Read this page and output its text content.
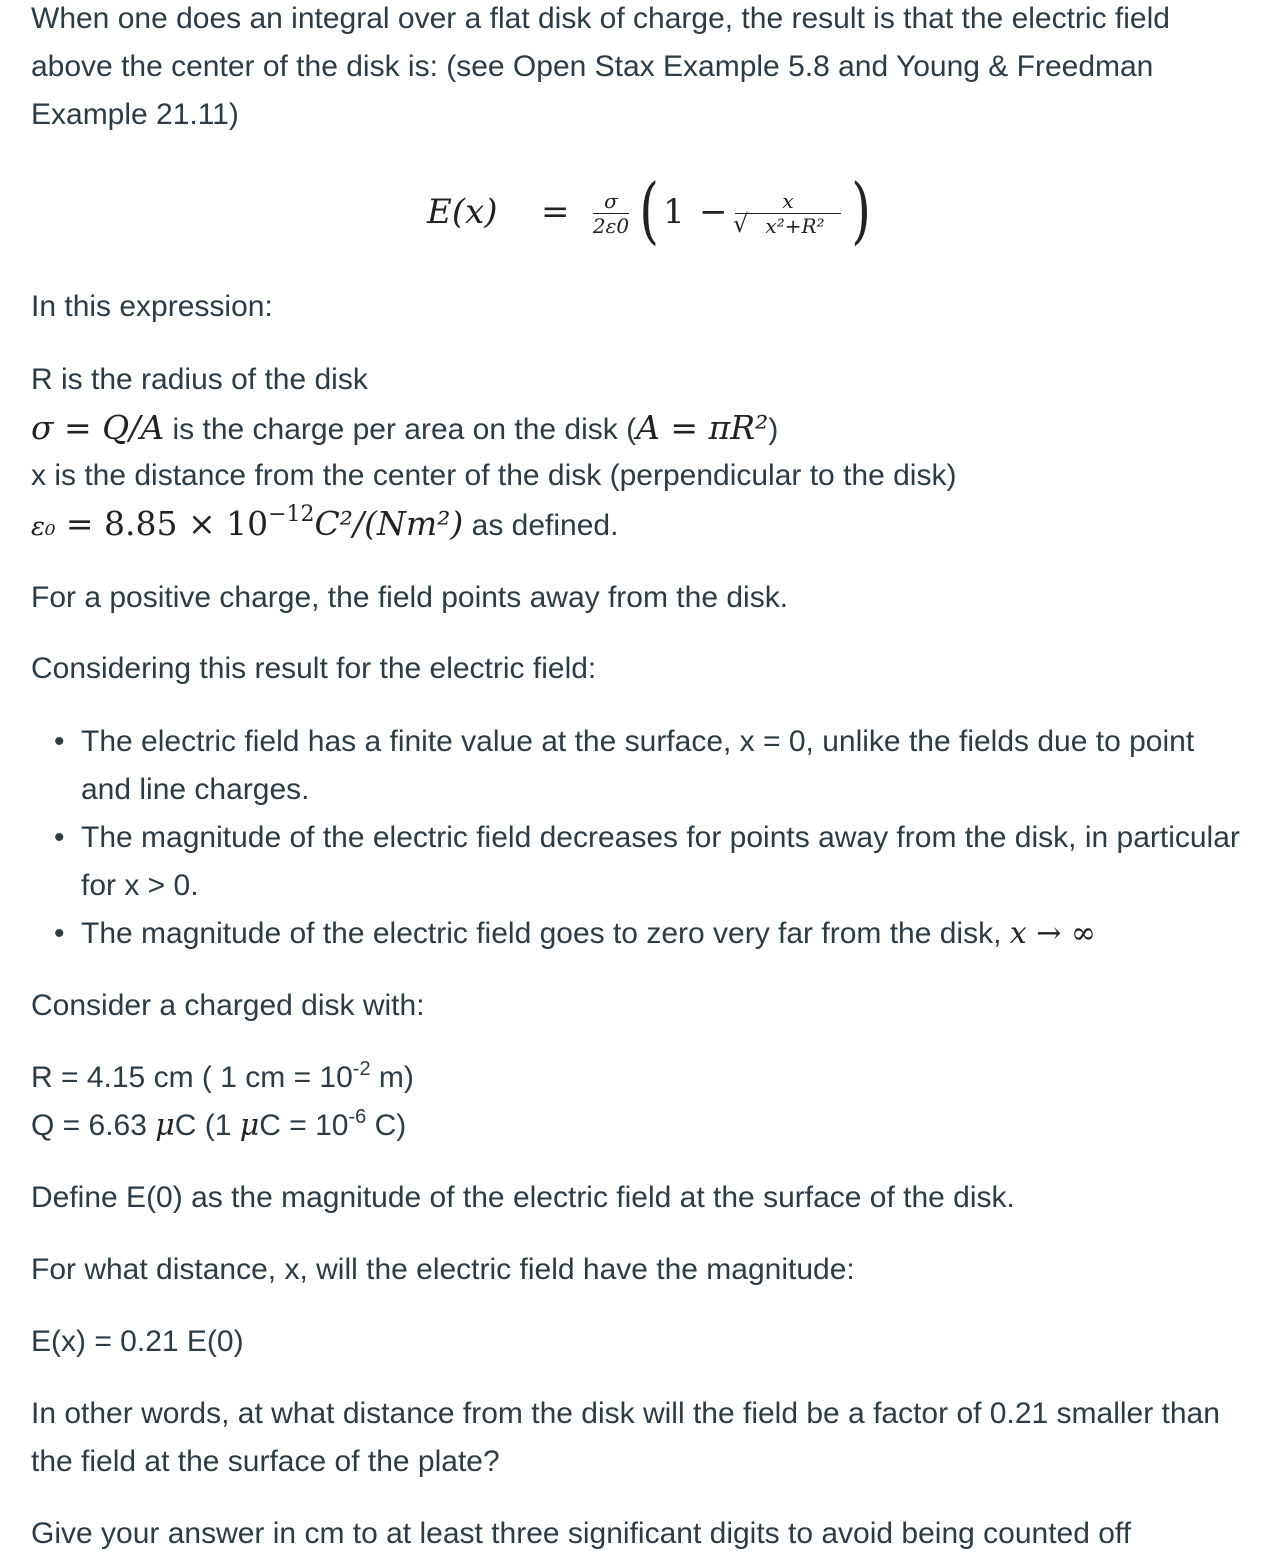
When one does an integral over a flat disk of charge, the result is that the electric field above the center of the disk is: (see Open Stax Example 5.8 and Young & Freedman Example 21.11)

E(x) =	σ
2ε0 ( 1 −	x
√ x²+R² )

In this expression:

R is the radius of the disk

σ = Q/A is the charge per area on the disk (A = πR²)

x is the distance from the center of the disk (perpendicular to the disk)

$\varepsilon_0 = 8.85 \times 10^{-12}C^2/(Nm^2)$ as defined.

For a positive charge, the field points away from the disk.

Considering this result for the electric field:

• The electric field has a finite value at the surface, x = 0, unlike the fields due to point and line charges.
• The magnitude of the electric field decreases for points away from the disk, in particular for x > 0.
• The magnitude of the electric field goes to zero very far from the disk, x → ∞

Consider a charged disk with:

R = 4.15 cm ( 1 cm = $10^{-2}$ m)

Q = 6.63 μC (1 $\mu C = 10^{-6}$ C)

Define E(0) as the magnitude of the electric field at the surface of the disk.

For what distance, x, will the electric field have the magnitude:

E(x) = 0.21 E(0)

In other words, at what distance from the disk will the field be a factor of 0.21 smaller than the field at the surface of the plate?

Give your answer in cm to at least three significant digits to avoid being counted off
